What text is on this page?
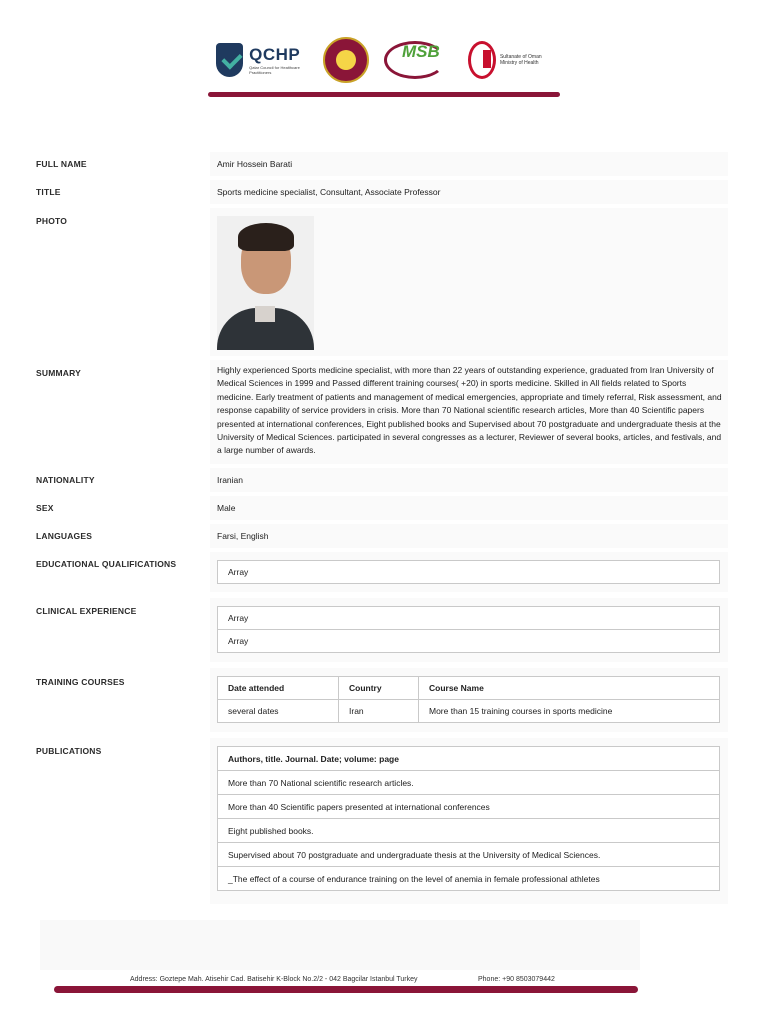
QCHP
Qatar Council for Healthcare Practitioners
MSB	Sultanate of Oman Ministry of Health
FULL NAME	Amir Hossein Barati
TITLE	Sports medicine specialist, Consultant, Associate Professor
PHOTO
SUMMARY	Highly experienced Sports medicine specialist, with more than 22 years of outstanding experience, graduated from Iran University of Medical Sciences in 1999 and Passed different training courses( +20) in sports medicine. Skilled in All fields related to Sports medicine. Early treatment of patients and management of medical emergencies, appropriate and timely referral, Risk assessment, and response capability of service providers in crisis. More than 70 National scientific research articles, More than 40 Scientific papers presented at international conferences, Eight published books and Supervised about 70 postgraduate and undergraduate thesis at the University of Medical Sciences. participated in several congresses as a lecturer, Reviewer of several books, articles, and festivals, and a large number of awards.
NATIONALITY	Iranian
SEX	Male
LANGUAGES	Farsi, English
EDUCATIONAL QUALIFICATIONS
Array
CLINICAL EXPERIENCE
Array
Array
TRAINING COURSES
Date attended	Country	Course Name
several dates	Iran	More than 15 training courses in sports medicine
PUBLICATIONS
Authors, title. Journal. Date; volume: page
More than 70 National scientific research articles.
More than 40 Scientific papers presented at international conferences
Eight published books.
Supervised about 70 postgraduate and undergraduate thesis at the University of Medical Sciences.
_The effect of a course of endurance training on the level of anemia in female professional athletes
Address: Goztepe Mah. Atisehir Cad. Batisehir K-Block No.2/2 - 042 Bagcilar Istanbul Turkey	Phone: +90 8503079442
